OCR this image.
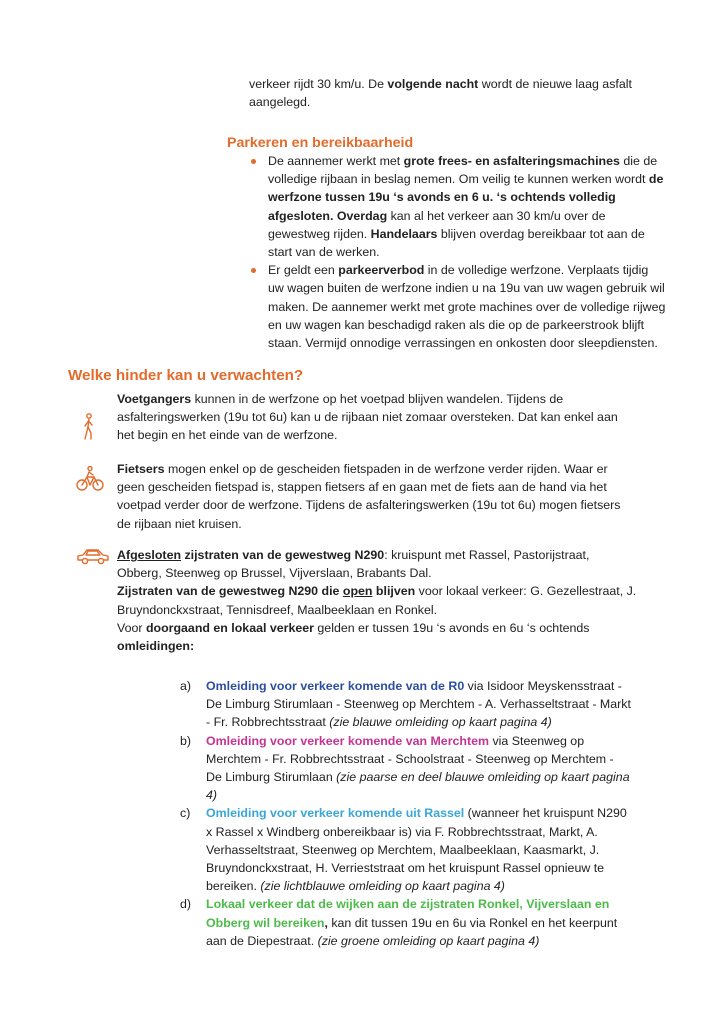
verkeer rijdt 30 km/u. De volgende nacht wordt de nieuwe laag asfalt aangelegd.

Parkeren en bereikbaarheid
De aannemer werkt met grote frees- en asfalteringsmachines die de volledige rijbaan in beslag nemen. Om veilig te kunnen werken wordt de werfzone tussen 19u ‘s avonds en 6 u. ‘s ochtends volledig afgesloten. Overdag kan al het verkeer aan 30 km/u over de gewestweg rijden. Handelaars blijven overdag bereikbaar tot aan de start van de werken.
Er geldt een parkeerverbod in de volledige werfzone. Verplaats tijdig uw wagen buiten de werfzone indien u na 19u van uw wagen gebruik wil maken. De aannemer werkt met grote machines over de volledige rijweg en uw wagen kan beschadigd raken als die op de parkeerstrook blijft staan. Vermijd onnodige verrassingen en onkosten door sleepdiensten.
Welke hinder kan u verwachten?

Voetgangers kunnen in de werfzone op het voetpad blijven wandelen. Tijdens de asfalteringswerken (19u tot 6u) kan u de rijbaan niet zomaar oversteken. Dat kan enkel aan het begin en het einde van de werfzone.

Fietsers mogen enkel op de gescheiden fietspaden in de werfzone verder rijden. Waar er geen gescheiden fietspad is, stappen fietsers af en gaan met de fiets aan de hand via het voetpad verder door de werfzone. Tijdens de asfalteringswerken (19u tot 6u) mogen fietsers de rijbaan niet kruisen.

Afgesloten zijstraten van de gewestweg N290: kruispunt met Rassel, Pastorijstraat, Obberg, Steenweg op Brussel, Vijverslaan, Brabants Dal.

Zijstraten van de gewestweg N290 die open blijven voor lokaal verkeer: G. Gezellestraat, J. Bruyndonckxstraat, Tennisdreef, Maalbeeklaan en Ronkel.

Voor doorgaand en lokaal verkeer gelden er tussen 19u ‘s avonds en 6u ‘s ochtends omleidingen:

a) Omleiding voor verkeer komende van de R0 via Isidoor Meyskensstraat - De Limburg Stirumlaan - Steenweg op Merchtem - A. Verhasseltstraat - Markt - Fr. Robbrechtsstraat (zie blauwe omleiding op kaart pagina 4)
b) Omleiding voor verkeer komende van Merchtem via Steenweg op Merchtem - Fr. Robbrechtsstraat - Schoolstraat - Steenweg op Merchtem - De Limburg Stirumlaan (zie paarse en deel blauwe omleiding op kaart pagina 4)
c) Omleiding voor verkeer komende uit Rassel (wanneer het kruispunt N290 x Rassel x Windberg onbereikbaar is) via F. Robbrechtsstraat, Markt, A. Verhasseltstraat, Steenweg op Merchtem, Maalbeeklaan, Kaasmarkt, J. Bruyndonckxstraat, H. Verrieststraat om het kruispunt Rassel opnieuw te bereiken. (zie lichtblauwe omleiding op kaart pagina 4)
d) Lokaal verkeer dat de wijken aan de zijstraten Ronkel, Vijverslaan en Obberg wil bereiken, kan dit tussen 19u en 6u via Ronkel en het keerpunt aan de Diepestraat. (zie groene omleiding op kaart pagina 4)
